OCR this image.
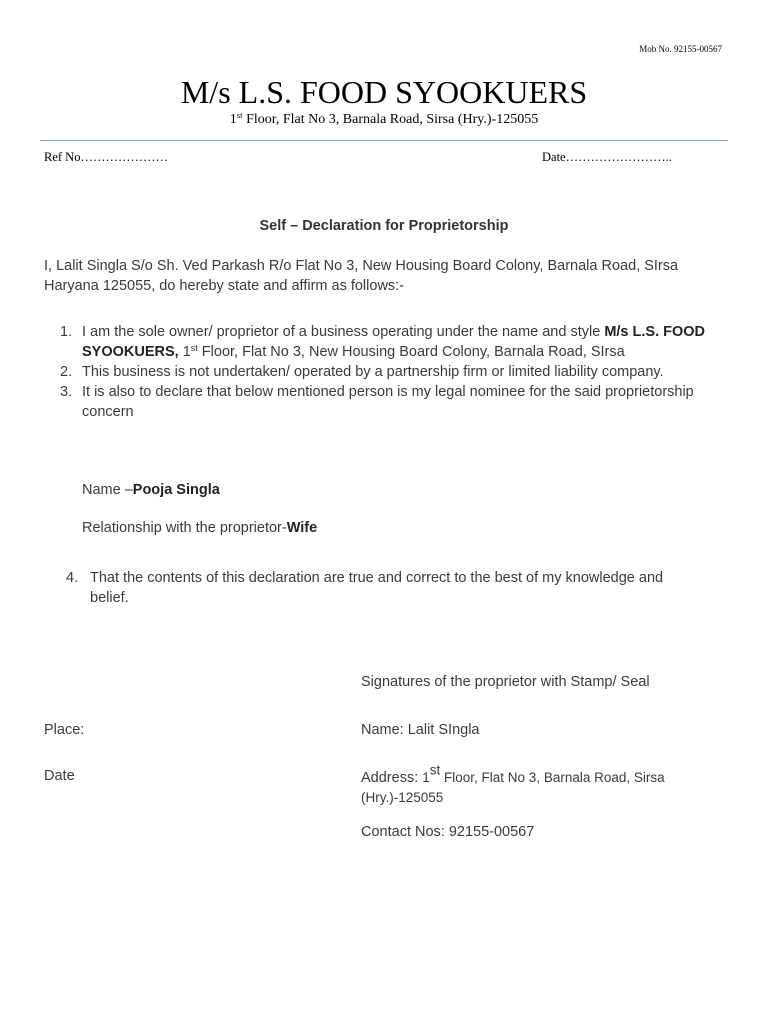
Mob No. 92155-00567
M/s L.S. FOOD SYOOKUERS
1st Floor, Flat No 3, Barnala Road, Sirsa (Hry.)-125055
Ref No…………………	Date……………………..
Self – Declaration for Proprietorship
I, Lalit Singla S/o Sh. Ved Parkash R/o Flat No 3, New Housing Board Colony, Barnala Road, SIrsa Haryana 125055, do hereby state and affirm as follows:-
1. I am the sole owner/ proprietor of a business operating under the name and style M/s L.S. FOOD SYOOKUERS, 1st Floor, Flat No 3, New Housing Board Colony, Barnala Road, SIrsa
2. This business is not undertaken/ operated by a partnership firm or limited liability company.
3. It is also to declare that below mentioned person is my legal nominee for the said proprietorship concern
Name –Pooja Singla
Relationship with the proprietor-Wife
4. That the contents of this declaration are true and correct to the best of my knowledge and belief.
Signatures of the proprietor with Stamp/ Seal
Place:	Name: Lalit SIngla
Date	Address: 1st Floor, Flat No 3, Barnala Road, Sirsa (Hry.)-125055
Contact Nos: 92155-00567
